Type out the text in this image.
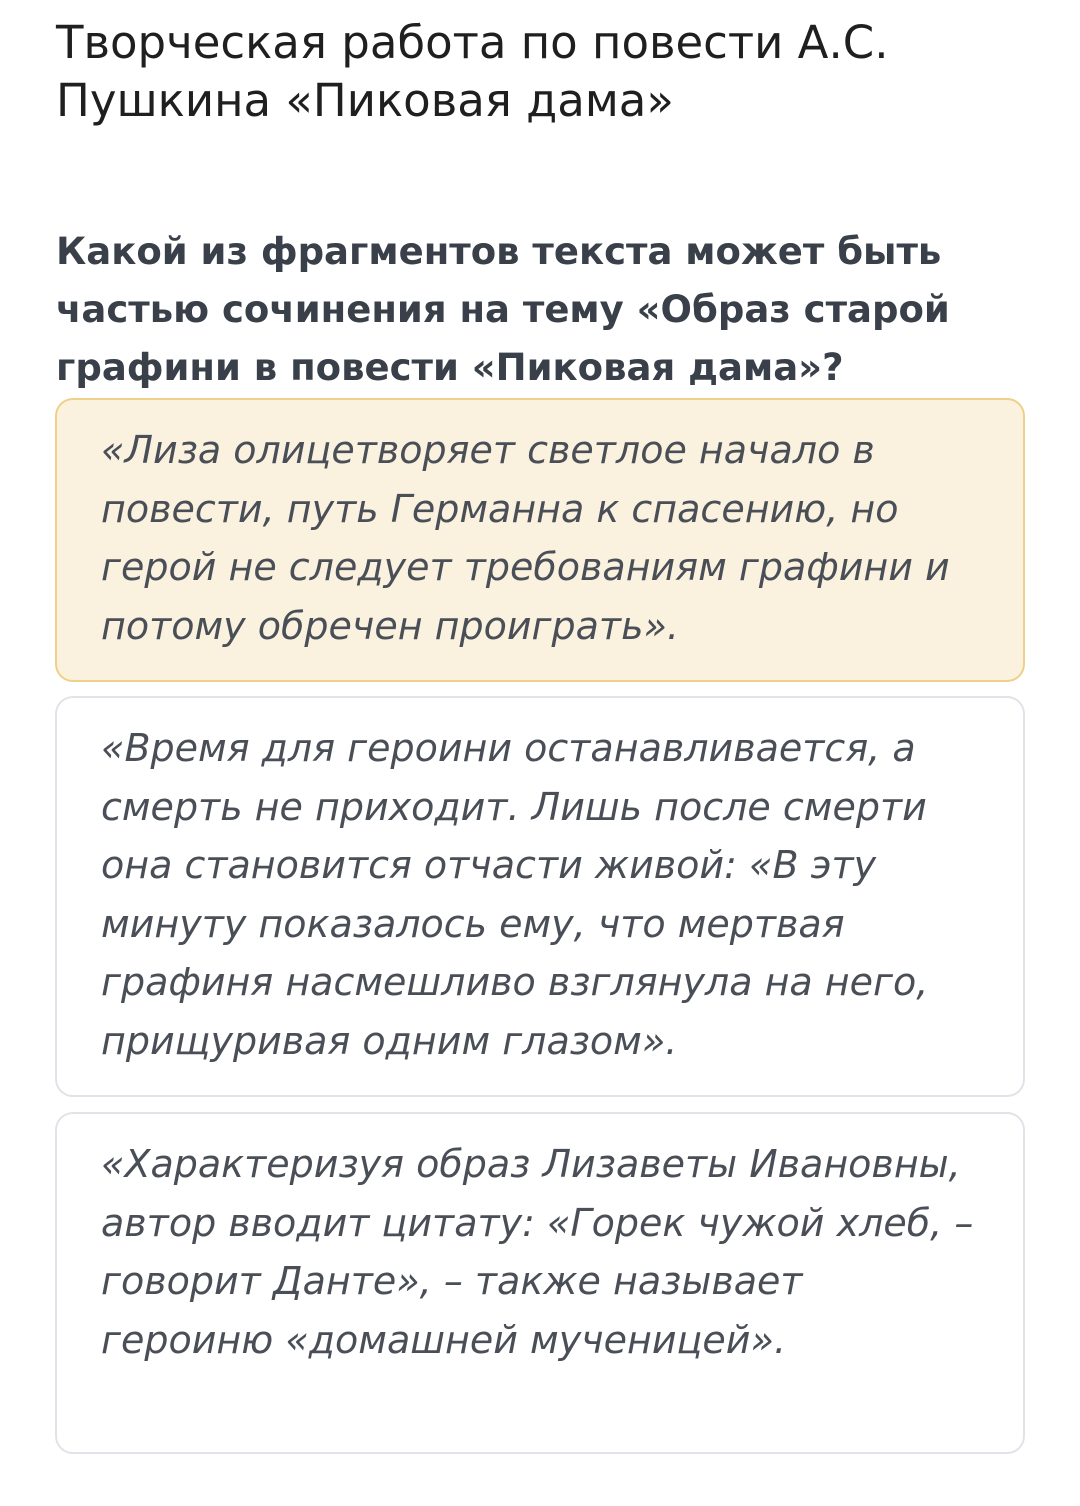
Творческая работа по повести А.С. Пушкина «Пиковая дама»

Какой из фрагментов текста может быть частью сочинения на тему «Образ старой графини в повести «Пиковая дама»?

«Лиза олицетворяет светлое начало в повести, путь Германна к спасению, но герой не следует требованиям графини и потому обречен проиграть».

«Время для героини останавливается, а смерть не приходит. Лишь после смерти она становится отчасти живой: «В эту минуту показалось ему, что мертвая графиня насмешливо взглянула на него, прищуривая одним глазом».

«Характеризуя образ Лизаветы Ивановны, автор вводит цитату: «Горек чужой хлеб, – говорит Данте», – также называет героиню «домашней мученицей».
